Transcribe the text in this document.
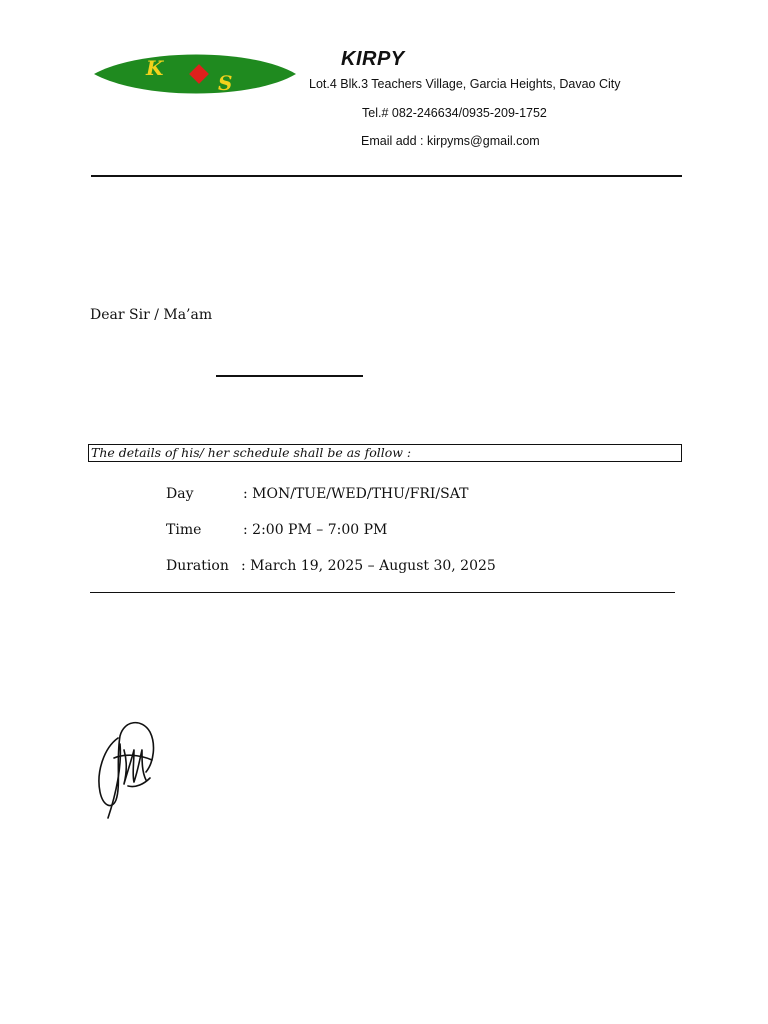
K
S
KIRPY
Lot.4 Blk.3 Teachers Village, Garcia Heights, Davao City
Tel.# 082-246634/0935-209-1752
Email add : kirpyms@gmail.com
Dear Sir / Ma’am
The details of his/ her schedule shall be as follow :
Day	: MON/TUE/WED/THU/FRI/SAT
Time	: 2:00 PM – 7:00 PM
Duration : March 19, 2025 – August 30, 2025
